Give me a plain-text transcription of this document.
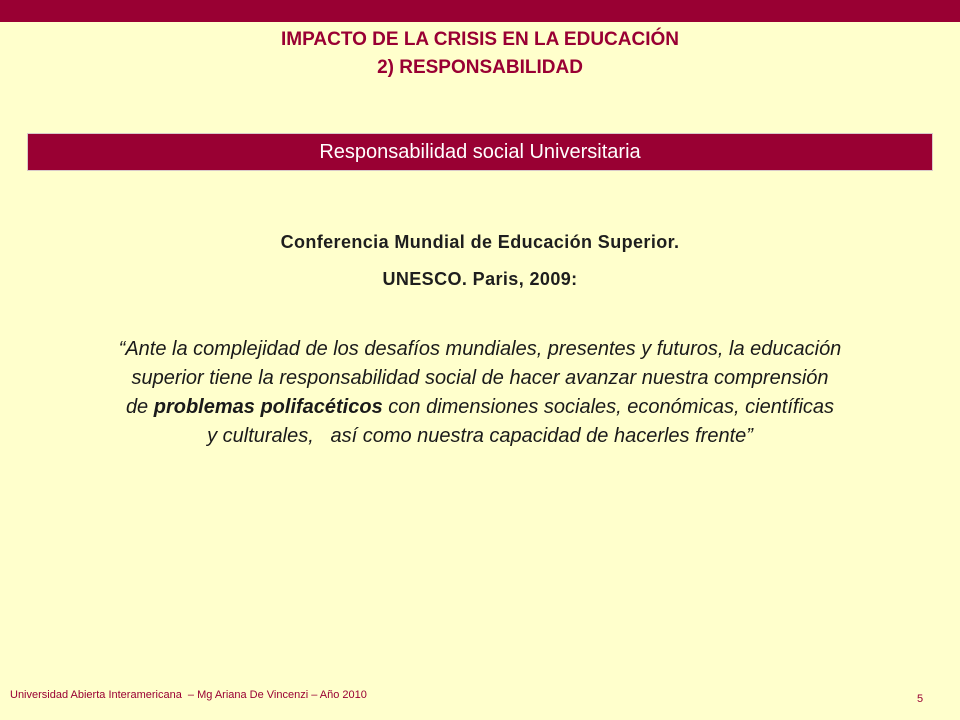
IMPACTO DE LA CRISIS EN LA EDUCACIÓN
2) RESPONSABILIDAD
Responsabilidad social Universitaria
Conferencia Mundial de Educación Superior.
UNESCO. Paris, 2009:
“Ante la complejidad de los desafíos mundiales, presentes y futuros, la educación
superior tiene la responsabilidad social de hacer avanzar nuestra comprensión
de problemas polifacéticos con dimensiones sociales, económicas, científicas
y culturales,   así como nuestra capacidad de hacerles frente”
Universidad Abierta Interamericana  – Mg Ariana De Vincenzi – Año 2010	5
